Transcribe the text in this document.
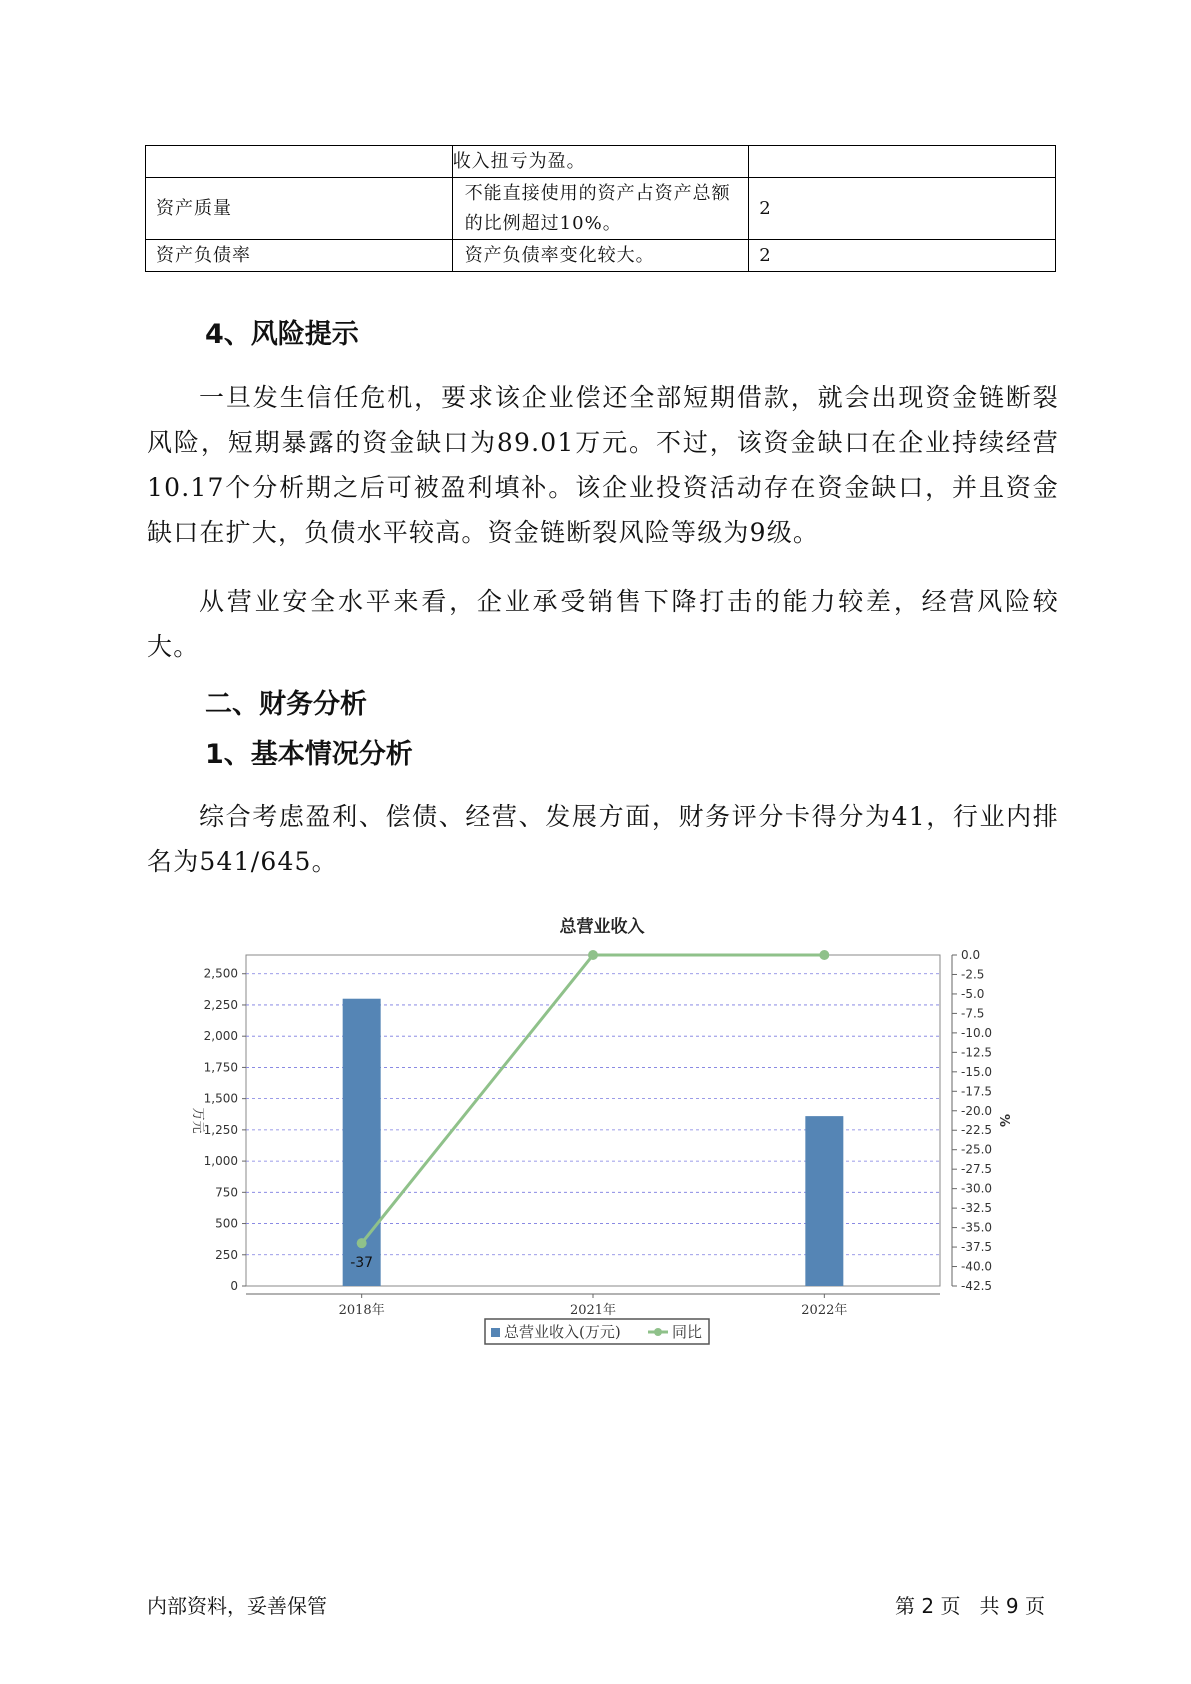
	收入扭亏为盈。	
资产质量	不能直接使用的资产占资产总额的比例超过10%。	2
资产负债率	资产负债率变化较大。	2
4、风险提示

一旦发生信任危机，要求该企业偿还全部短期借款，就会出现资金链断裂风险，短期暴露的资金缺口为89.01万元。不过，该资金缺口在企业持续经营 10.17个分析期之后可被盈利填补。该企业投资活动存在资金缺口，并且资金缺口在扩大，负债水平较高。资金链断裂风险等级为9级。

从营业安全水平来看，企业承受销售下降打击的能力较差，经营风险较大。

二、财务分析
1、基本情况分析

综合考虑盈利、偿债、经营、发展方面，财务评分卡得分为41，行业内排名为541/645。

总营业收入
0
250
500
750
1,000
1,250
1,500
1,750
2,000
2,250
2,500
0.0
-2.5
-5.0
-7.5
-10.0
-12.5
-15.0
-17.5
-20.0
-22.5
-25.0
-27.5
-30.0
-32.5
-35.0
-37.5
-40.0
-42.5
万元	%
2018年	2021年	2022年
-37
总营业收入(万元)	同比
内部资料，妥善保管	第 2 页   共 9 页
